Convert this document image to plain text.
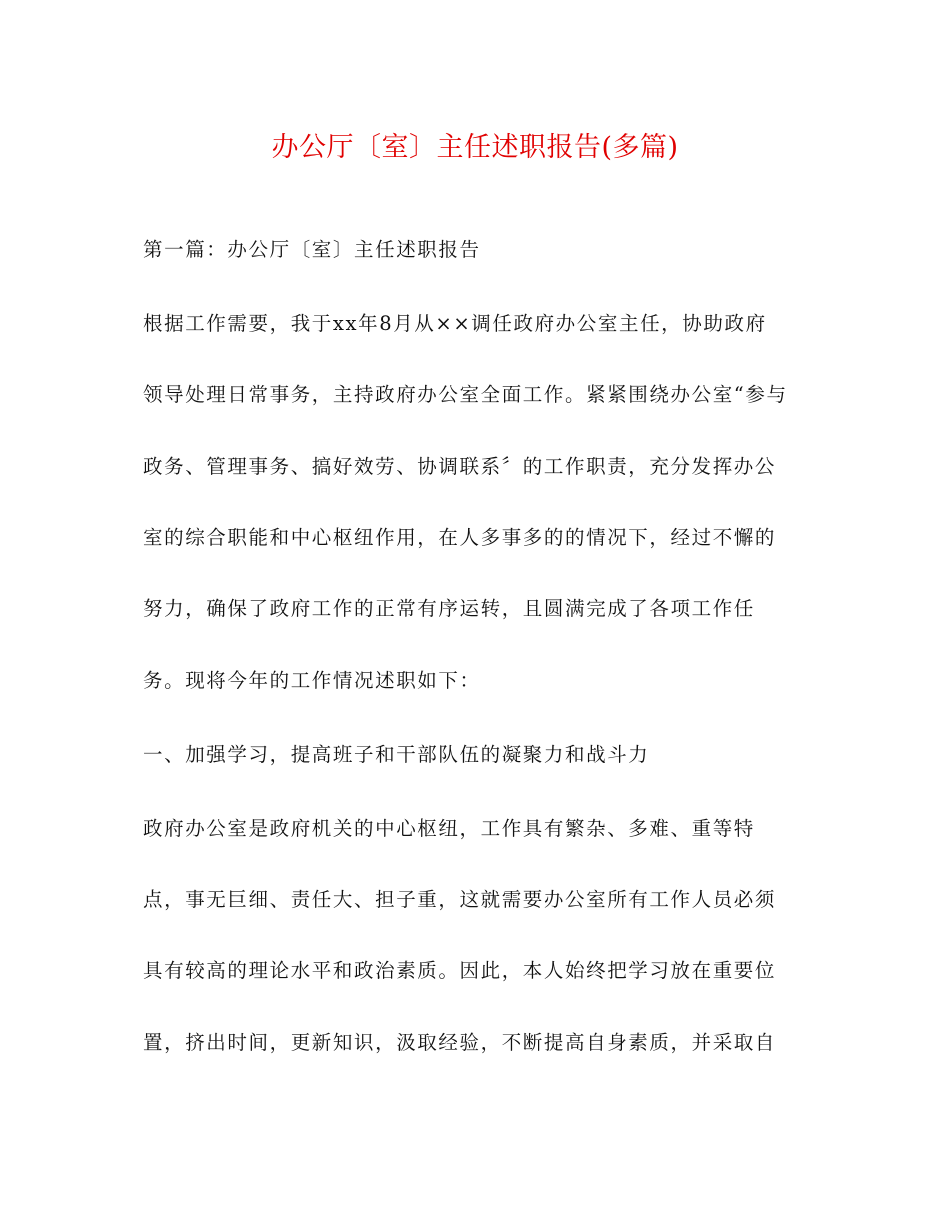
办公厅〔室〕主任述职报告(多篇)

第一篇：办公厅〔室〕主任述职报告

根据工作需要，我于xx年8月从××调任政府办公室主任，协助政府

领导处理日常事务，主持政府办公室全面工作。紧紧围绕办公室“参与

政务、管理事务、搞好效劳、协调联系〞的工作职责，充分发挥办公

室的综合职能和中心枢纽作用，在人多事多的的情况下，经过不懈的

努力，确保了政府工作的正常有序运转，且圆满完成了各项工作任

务。现将今年的工作情况述职如下：

一、加强学习，提高班子和干部队伍的凝聚力和战斗力

政府办公室是政府机关的中心枢纽，工作具有繁杂、多难、重等特

点，事无巨细、责任大、担子重，这就需要办公室所有工作人员必须

具有较高的理论水平和政治素质。因此，本人始终把学习放在重要位

置，挤出时间，更新知识，汲取经验，不断提高自身素质，并采取自
